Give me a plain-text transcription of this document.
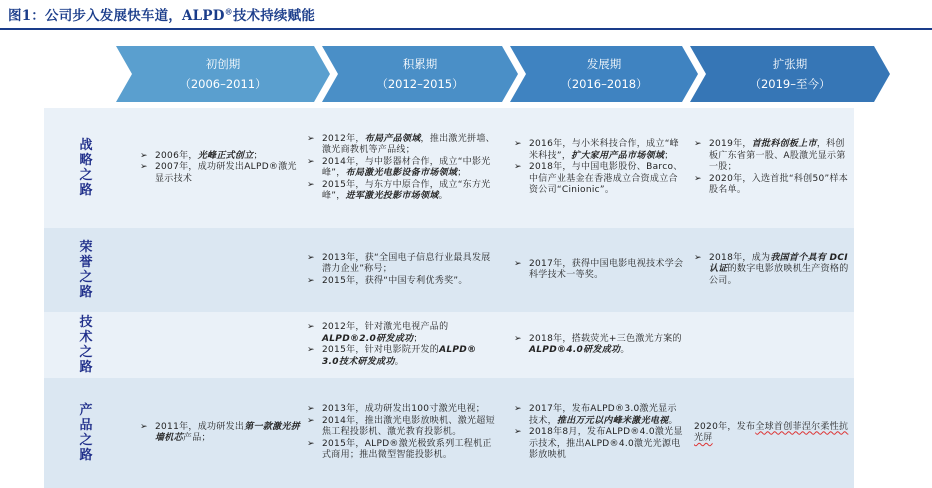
图1：公司步入发展快车道，ALPD®技术持续赋能
初创期
（2006–2011）
积累期
（2012–2015）
发展期
（2016–2018）
扩张期
（2019–至今）
战略之路
➢ 2006年，光峰正式创立；
➢ 2007年，成功研发出ALPD®激光显示技术
➢ 2012年，布局产品领域，推出激光拼墙、激光商教机等产品线；
➢ 2014年，与中影器材合作，成立“中影光峰”，布局激光电影设备市场领域；
➢ 2015年，与东方中原合作，成立“东方光峰”，进军激光投影市场领域。
➢ 2016年，与小米科技合作，成立“峰米科技”，扩大家用产品市场领域；
➢ 2018年，与中国电影股份、Barco、中信产业基金在香港成立合资成立合资公司“Cinionic”。
➢ 2019年，首批科创板上市，科创板广东省第一股、A股激光显示第一股；
➢ 2020年，入选首批“科创50”样本股名单。
荣誉之路
➢ 2013年，获“全国电子信息行业最具发展潜力企业”称号；
➢ 2015年，获得“中国专利优秀奖”。
➢ 2017年，获得中国电影电视技术学会科学技术一等奖。
➢ 2018年，成为我国首个具有 DCI 认证的数字电影放映机生产资格的公司。
技术之路
➢ 2012年，针对激光电视产品的ALPD®2.0研发成功；
➢ 2015年，针对电影院开发的ALPD® 3.0技术研发成功。
➢ 2018年，搭载荧光+三色激光方案的ALPD®4.0研发成功。
产品之路
➢ 2011年，成功研发出第一款激光拼墙机芯产品；
➢ 2013年，成功研发出100寸激光电视；
➢ 2014年，推出激光电影放映机、激光超短焦工程投影机、激光教育投影机。
➢ 2015年，ALPD®激光极致系列工程机正式商用；推出微型智能投影机。
➢ 2017年，发布ALPD®3.0激光显示技术，推出万元以内峰米激光电视。
➢ 2018年8月，发布ALPD®4.0激光显示技术，推出ALPD®4.0激光光源电影放映机
2020年，发布全球首创菲涅尔柔性抗光屏
